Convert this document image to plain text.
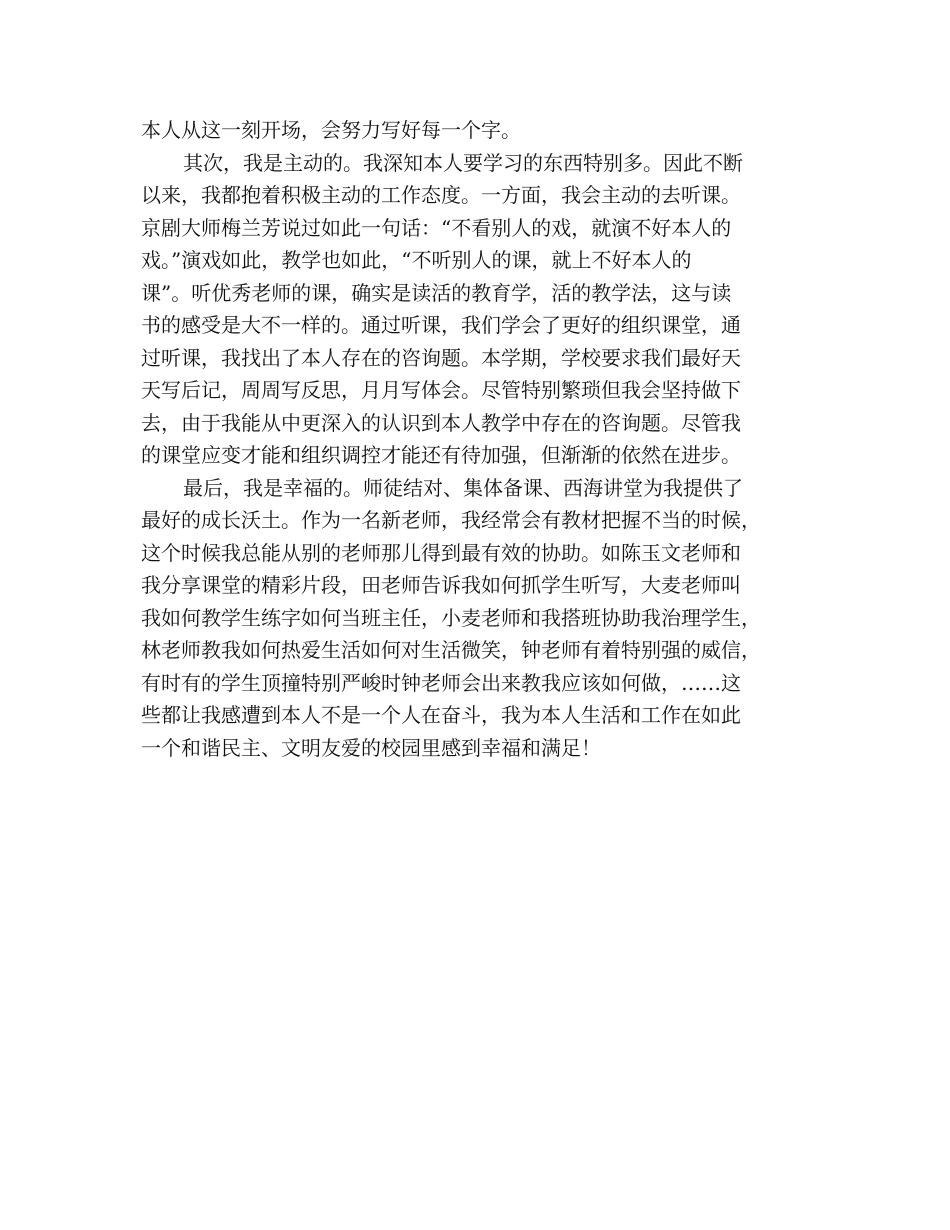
本人从这一刻开场，会努力写好每一个字。
其次，我是主动的。我深知本人要学习的东西特别多。因此不断
以来，我都抱着积极主动的工作态度。一方面，我会主动的去听课。
京剧大师梅兰芳说过如此一句话：“不看别人的戏，就演不好本人的
戏。”演戏如此，教学也如此，“不听别人的课，就上不好本人的
课”。听优秀老师的课，确实是读活的教育学，活的教学法，这与读
书的感受是大不一样的。通过听课，我们学会了更好的组织课堂，通
过听课，我找出了本人存在的咨询题。本学期，学校要求我们最好天
天写后记，周周写反思，月月写体会。尽管特别繁琐但我会坚持做下
去，由于我能从中更深入的认识到本人教学中存在的咨询题。尽管我
的课堂应变才能和组织调控才能还有待加强，但渐渐的依然在进步。
最后，我是幸福的。师徒结对、集体备课、西海讲堂为我提供了
最好的成长沃土。作为一名新老师，我经常会有教材把握不当的时候，
这个时候我总能从别的老师那儿得到最有效的协助。如陈玉文老师和
我分享课堂的精彩片段，田老师告诉我如何抓学生听写，大麦老师叫
我如何教学生练字如何当班主任，小麦老师和我搭班协助我治理学生，
林老师教我如何热爱生活如何对生活微笑，钟老师有着特别强的威信，
有时有的学生顶撞特别严峻时钟老师会出来教我应该如何做，……这
些都让我感遭到本人不是一个人在奋斗，我为本人生活和工作在如此
一个和谐民主、文明友爱的校园里感到幸福和满足！
